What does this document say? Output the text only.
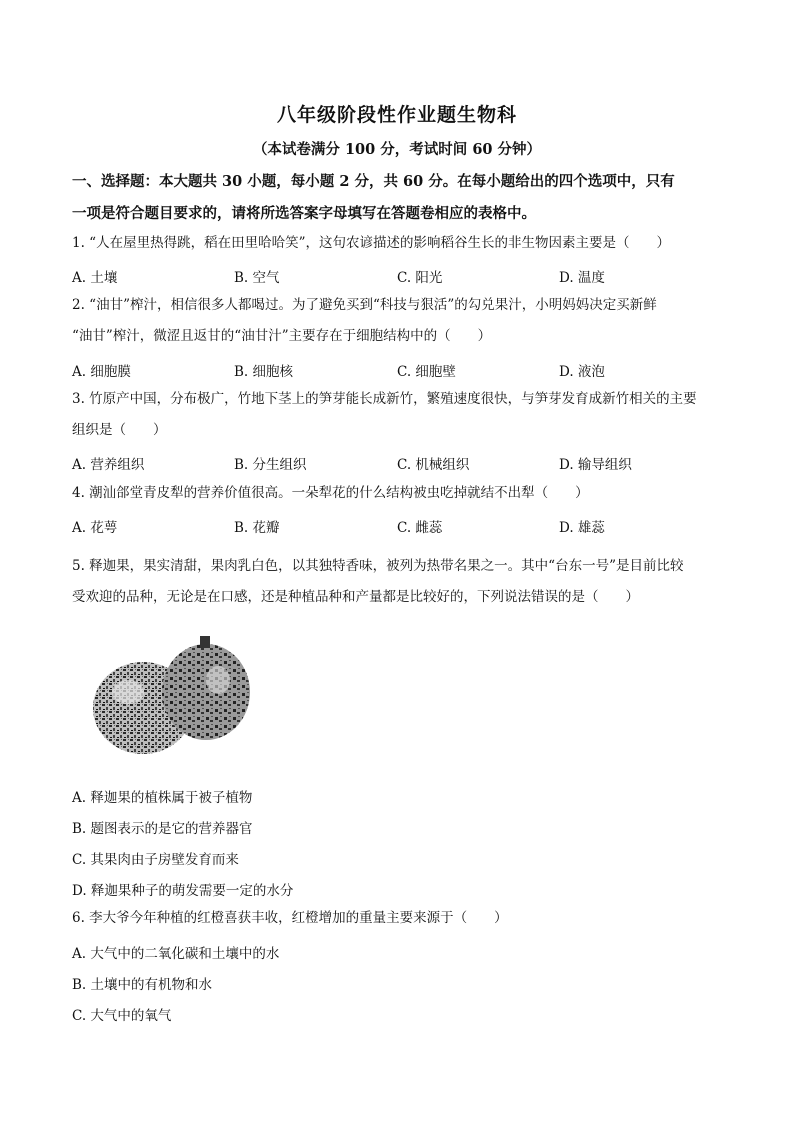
八年级阶段性作业题生物科
（本试卷满分 100 分，考试时间 60 分钟）
一、选择题：本大题共 30 小题，每小题 2 分，共 60 分。在每小题给出的四个选项中，只有
一项是符合题目要求的，请将所选答案字母填写在答题卷相应的表格中。
1. “人在屋里热得跳，稻在田里哈哈笑”，这句农谚描述的影响稻谷生长的非生物因素主要是（　　）
A. 土壤	B. 空气	C. 阳光	D. 温度
2. “油甘”榨汁，相信很多人都喝过。为了避免买到“科技与狠活”的勾兑果汁，小明妈妈决定买新鲜
“油甘”榨汁，微涩且返甘的“油甘汁”主要存在于细胞结构中的（　　）
A. 细胞膜	B. 细胞核	C. 细胞壁	D. 液泡
3. 竹原产中国，分布极广，竹地下茎上的笋芽能长成新竹，繁殖速度很快，与笋芽发育成新竹相关的主要
组织是（　　）
A. 营养组织	B. 分生组织	C. 机械组织	D. 输导组织
4. 潮汕郃堂青皮犁的营养价值很高。一朵犁花的什么结构被虫吃掉就结不出犁（　　）
A. 花萼	B. 花瓣	C. 雌蕊	D. 雄蕊
5. 释迦果，果实清甜，果肉乳白色，以其独特香味，被列为热带名果之一。其中“台东一号”是目前比较
受欢迎的品种，无论是在口感，还是种植品种和产量都是比较好的，下列说法错误的是（　　）
A. 释迦果的植株属于被子植物
B. 题图表示的是它的营养器官
C. 其果肉由子房壁发育而来
D. 释迦果种子的萌发需要一定的水分
6. 李大爷今年种植的红橙喜获丰收，红橙增加的重量主要来源于（　　）
A. 大气中的二氧化碳和土壤中的水
B. 土壤中的有机物和水
C. 大气中的氧气
